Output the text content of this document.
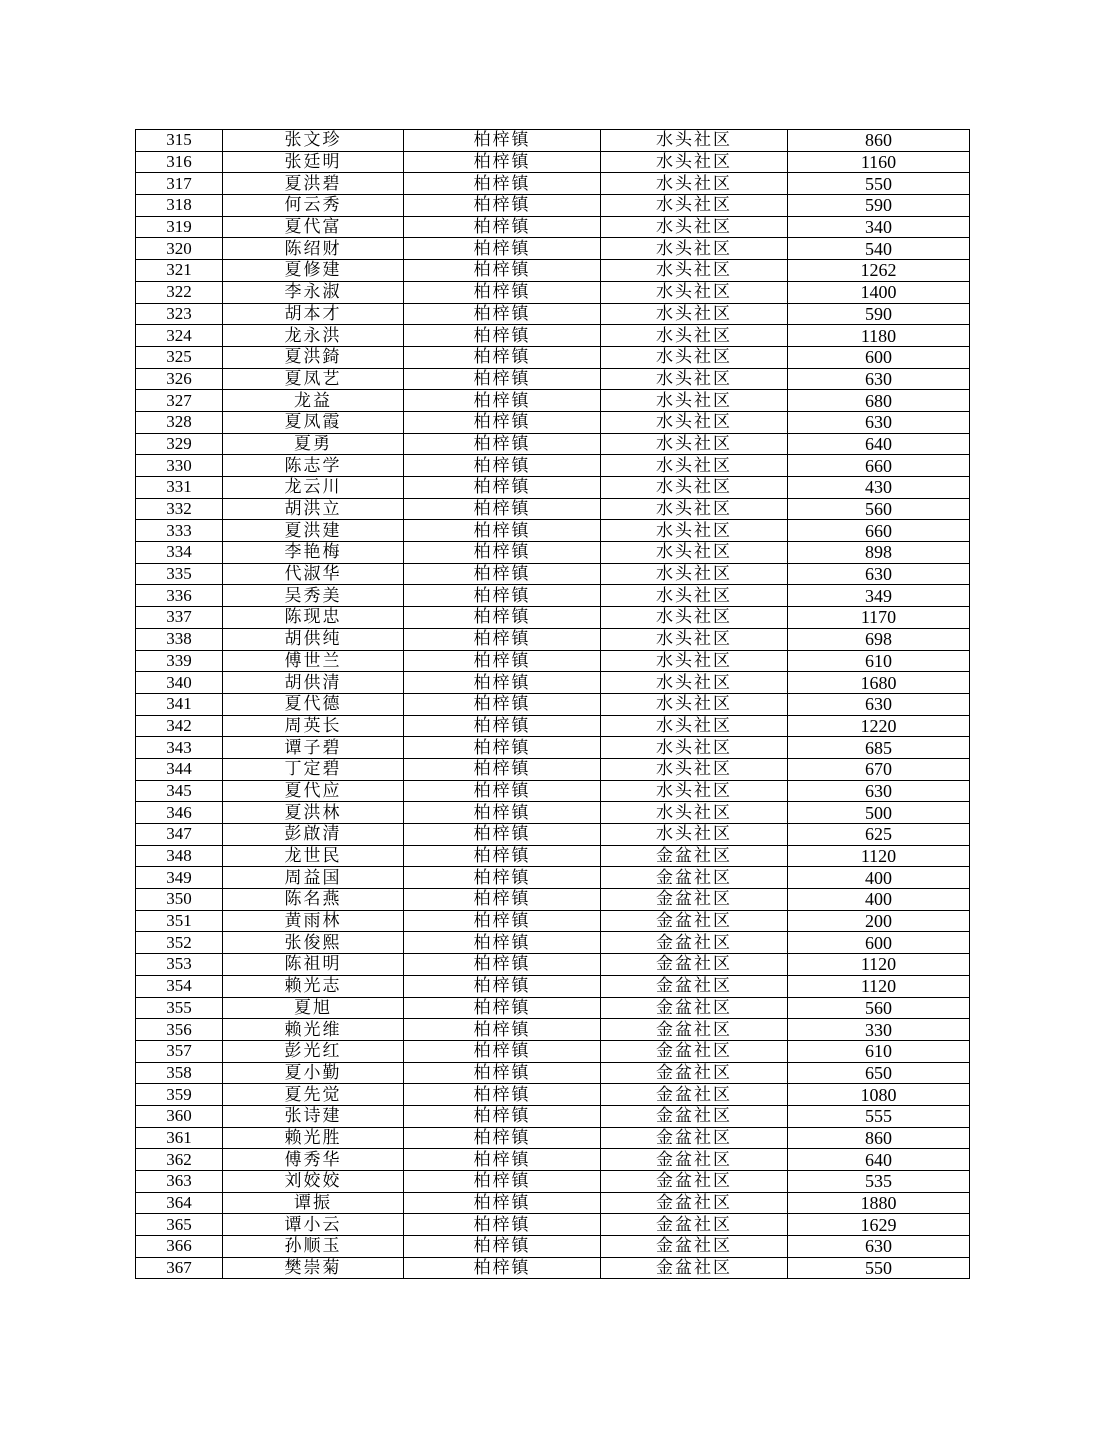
315	张文珍	柏梓镇	水头社区	860
316	张廷明	柏梓镇	水头社区	1160
317	夏洪碧	柏梓镇	水头社区	550
318	何云秀	柏梓镇	水头社区	590
319	夏代富	柏梓镇	水头社区	340
320	陈绍财	柏梓镇	水头社区	540
321	夏修建	柏梓镇	水头社区	1262
322	李永淑	柏梓镇	水头社区	1400
323	胡本才	柏梓镇	水头社区	590
324	龙永洪	柏梓镇	水头社区	1180
325	夏洪錡	柏梓镇	水头社区	600
326	夏凤艺	柏梓镇	水头社区	630
327	龙益	柏梓镇	水头社区	680
328	夏凤霞	柏梓镇	水头社区	630
329	夏勇	柏梓镇	水头社区	640
330	陈志学	柏梓镇	水头社区	660
331	龙云川	柏梓镇	水头社区	430
332	胡洪立	柏梓镇	水头社区	560
333	夏洪建	柏梓镇	水头社区	660
334	李艳梅	柏梓镇	水头社区	898
335	代淑华	柏梓镇	水头社区	630
336	吴秀美	柏梓镇	水头社区	349
337	陈现忠	柏梓镇	水头社区	1170
338	胡供纯	柏梓镇	水头社区	698
339	傅世兰	柏梓镇	水头社区	610
340	胡供清	柏梓镇	水头社区	1680
341	夏代德	柏梓镇	水头社区	630
342	周英长	柏梓镇	水头社区	1220
343	谭子碧	柏梓镇	水头社区	685
344	丁定碧	柏梓镇	水头社区	670
345	夏代应	柏梓镇	水头社区	630
346	夏洪林	柏梓镇	水头社区	500
347	彭啟清	柏梓镇	水头社区	625
348	龙世民	柏梓镇	金盆社区	1120
349	周益国	柏梓镇	金盆社区	400
350	陈名燕	柏梓镇	金盆社区	400
351	黄雨林	柏梓镇	金盆社区	200
352	张俊熙	柏梓镇	金盆社区	600
353	陈祖明	柏梓镇	金盆社区	1120
354	赖光志	柏梓镇	金盆社区	1120
355	夏旭	柏梓镇	金盆社区	560
356	赖光维	柏梓镇	金盆社区	330
357	彭光红	柏梓镇	金盆社区	610
358	夏小勤	柏梓镇	金盆社区	650
359	夏先觉	柏梓镇	金盆社区	1080
360	张诗建	柏梓镇	金盆社区	555
361	赖光胜	柏梓镇	金盆社区	860
362	傅秀华	柏梓镇	金盆社区	640
363	刘姣姣	柏梓镇	金盆社区	535
364	谭振	柏梓镇	金盆社区	1880
365	谭小云	柏梓镇	金盆社区	1629
366	孙顺玉	柏梓镇	金盆社区	630
367	樊崇菊	柏梓镇	金盆社区	550
